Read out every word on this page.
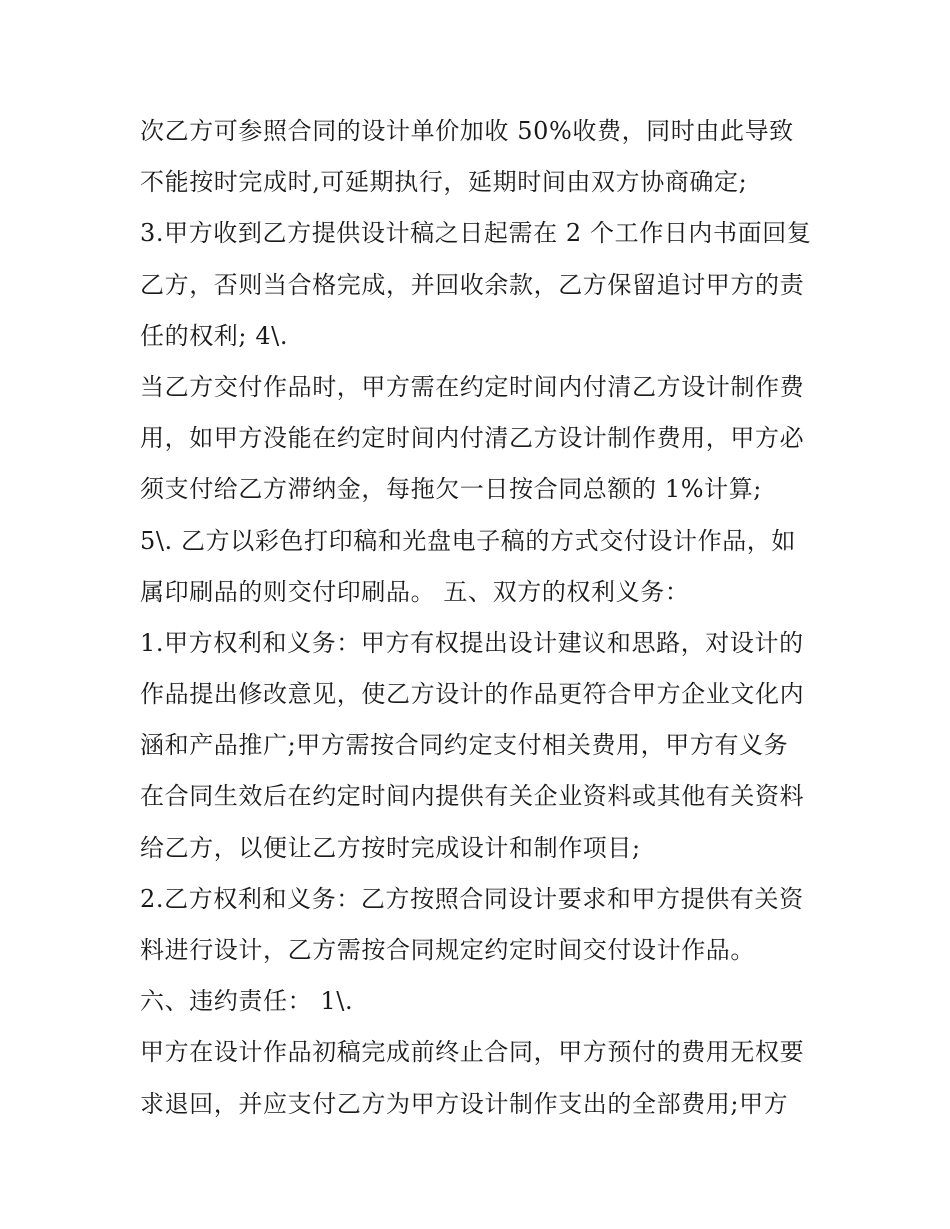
次乙方可参照合同的设计单价加收 50%收费，同时由此导致
不能按时完成时,可延期执行，延期时间由双方协商确定;
3.甲方收到乙方提供设计稿之日起需在 2 个工作日内书面回复
乙方，否则当合格完成，并回收余款，乙方保留追讨甲方的责
任的权利; 4\.
当乙方交付作品时，甲方需在约定时间内付清乙方设计制作费
用，如甲方没能在约定时间内付清乙方设计制作费用，甲方必
须支付给乙方滞纳金，每拖欠一日按合同总额的 1%计算;
5\. 乙方以彩色打印稿和光盘电子稿的方式交付设计作品，如
属印刷品的则交付印刷品。 五、双方的权利义务：
1.甲方权利和义务：甲方有权提出设计建议和思路，对设计的
作品提出修改意见，使乙方设计的作品更符合甲方企业文化内
涵和产品推广;甲方需按合同约定支付相关费用，甲方有义务
在合同生效后在约定时间内提供有关企业资料或其他有关资料
给乙方，以便让乙方按时完成设计和制作项目;
2.乙方权利和义务：乙方按照合同设计要求和甲方提供有关资
料进行设计，乙方需按合同规定约定时间交付设计作品。
六、违约责任： 1\.
甲方在设计作品初稿完成前终止合同，甲方预付的费用无权要
求退回，并应支付乙方为甲方设计制作支出的全部费用;甲方
